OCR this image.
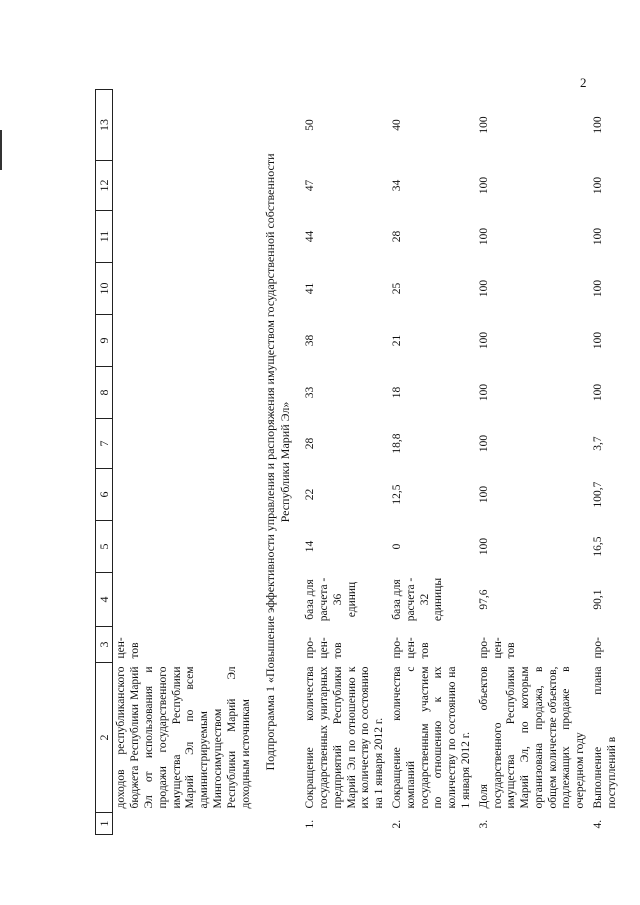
2
1	2	3	4	5	6	7	8	9	10	11	12	13
	доходов республиканского бюджета Республики Марий Эл от использования и продажи государственного имущества Республики Марий Эл по всем администрируемым Мингосимуществом Республики Марий Эл доходным источникам	цен-тов										
Подпрограмма 1 «Повышение эффективности управления и распоряжения имуществом государственной собственности Республики Марий Эл»												
1.	Сокращение количества государственных унитарных предприятий Республики Марий Эл по отношению к их количеству по состоянию на 1 января 2012 г.	про-цен-тов	база для расчета - 36 единиц	14	22	28	33	38	41	44	47	50
2.	Сокращение количества компаний с государственным участием по отношению к их количеству по состоянию на 1 января 2012 г.	про-цен-тов	база для расчета - 32 единицы	0	12,5	18,8	18	21	25	28	34	40
3.	Доля объектов государственного имущества Республики Марий Эл, по которым организована продажа, в общем количестве объектов, подлежащих продаже в очередном году	про-цен-тов	97,6	100	100	100	100	100	100	100	100	100
4.	Выполнение плана поступлений в	про-	90,1	16,5	100,7	3,7	100	100	100	100	100	100
